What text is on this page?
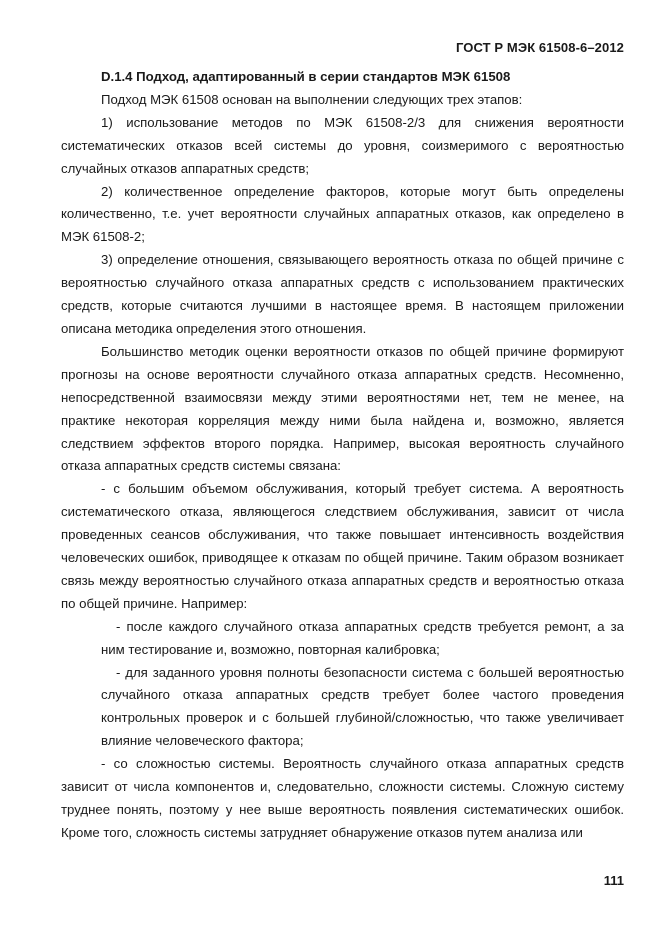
ГОСТ Р МЭК 61508-6–2012

D.1.4 Подход, адаптированный в серии стандартов МЭК 61508

Подход МЭК 61508 основан на выполнении следующих трех этапов:

1) использование методов по МЭК 61508-2/3 для снижения вероятности систематических отказов всей системы до уровня, соизмеримого с вероятностью случайных отказов аппаратных средств;

2) количественное определение факторов, которые могут быть определены количественно, т.е. учет вероятности случайных аппаратных отказов, как определено в МЭК 61508-2;

3) определение отношения, связывающего вероятность отказа по общей причине с вероятностью случайного отказа аппаратных средств с использованием практических средств, которые считаются лучшими в настоящее время. В настоящем приложении описана методика определения этого отношения.

Большинство методик оценки вероятности отказов по общей причине формируют прогнозы на основе вероятности случайного отказа аппаратных средств. Несомненно, непосредственной взаимосвязи между этими вероятностями нет, тем не менее, на практике некоторая корреляция между ними была найдена и, возможно, является следствием эффектов второго порядка. Например, высокая вероятность случайного отказа аппаратных средств системы связана:

- с большим объемом обслуживания, который требует система. А вероятность систематического отказа, являющегося следствием обслуживания, зависит от числа проведенных сеансов обслуживания, что также повышает интенсивность воздействия человеческих ошибок, приводящее к отказам по общей причине. Таким образом возникает связь между вероятностью случайного отказа аппаратных средств и вероятностью отказа по общей причине. Например:

- после каждого случайного отказа аппаратных средств требуется ремонт, а за ним тестирование и, возможно, повторная калибровка;

- для заданного уровня полноты безопасности система с большей вероятностью случайного отказа аппаратных средств требует более частого проведения контрольных проверок и с большей глубиной/сложностью, что также увеличивает влияние человеческого фактора;

- со сложностью системы. Вероятность случайного отказа аппаратных средств зависит от числа компонентов и, следовательно, сложности системы. Сложную систему труднее понять, поэтому у нее выше вероятность появления систематических ошибок. Кроме того, сложность системы затрудняет обнаружение отказов путем анализа или

111
